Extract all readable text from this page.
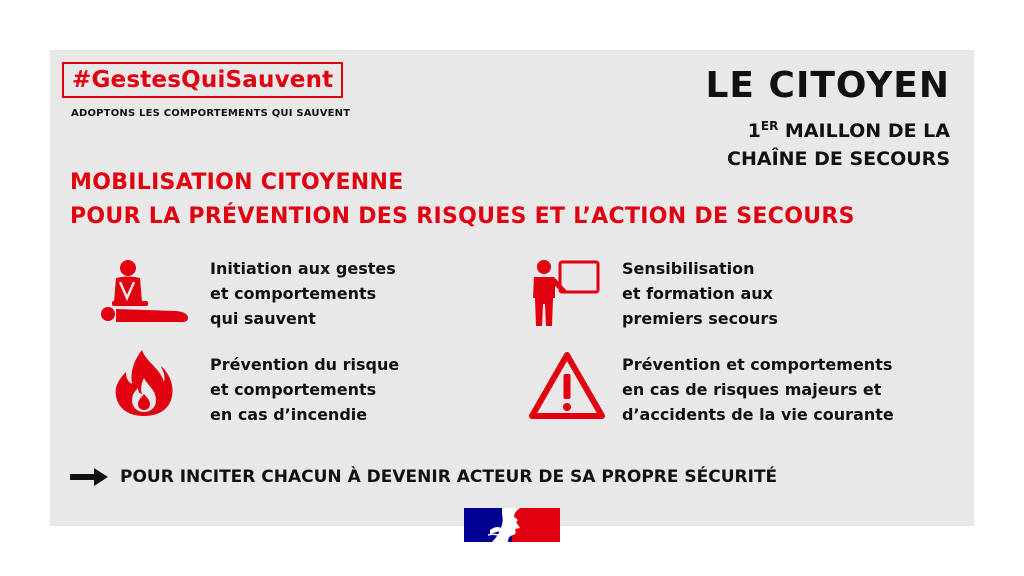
#GestesQuiSauvent
ADOPTONS LES COMPORTEMENTS QUI SAUVENT
LE CITOYEN
1ER MAILLON DE LA
CHAÎNE DE SECOURS
MOBILISATION CITOYENNE
POUR LA PRÉVENTION DES RISQUES ET L’ACTION DE SECOURS
Initiation aux gestes
et comportements
qui sauvent
Sensibilisation
et formation aux
premiers secours
Prévention du risque
et comportements
en cas d’incendie
Prévention et comportements
en cas de risques majeurs et
d’accidents de la vie courante
POUR INCITER CHACUN À DEVENIR ACTEUR DE SA PROPRE SÉCURITÉ
